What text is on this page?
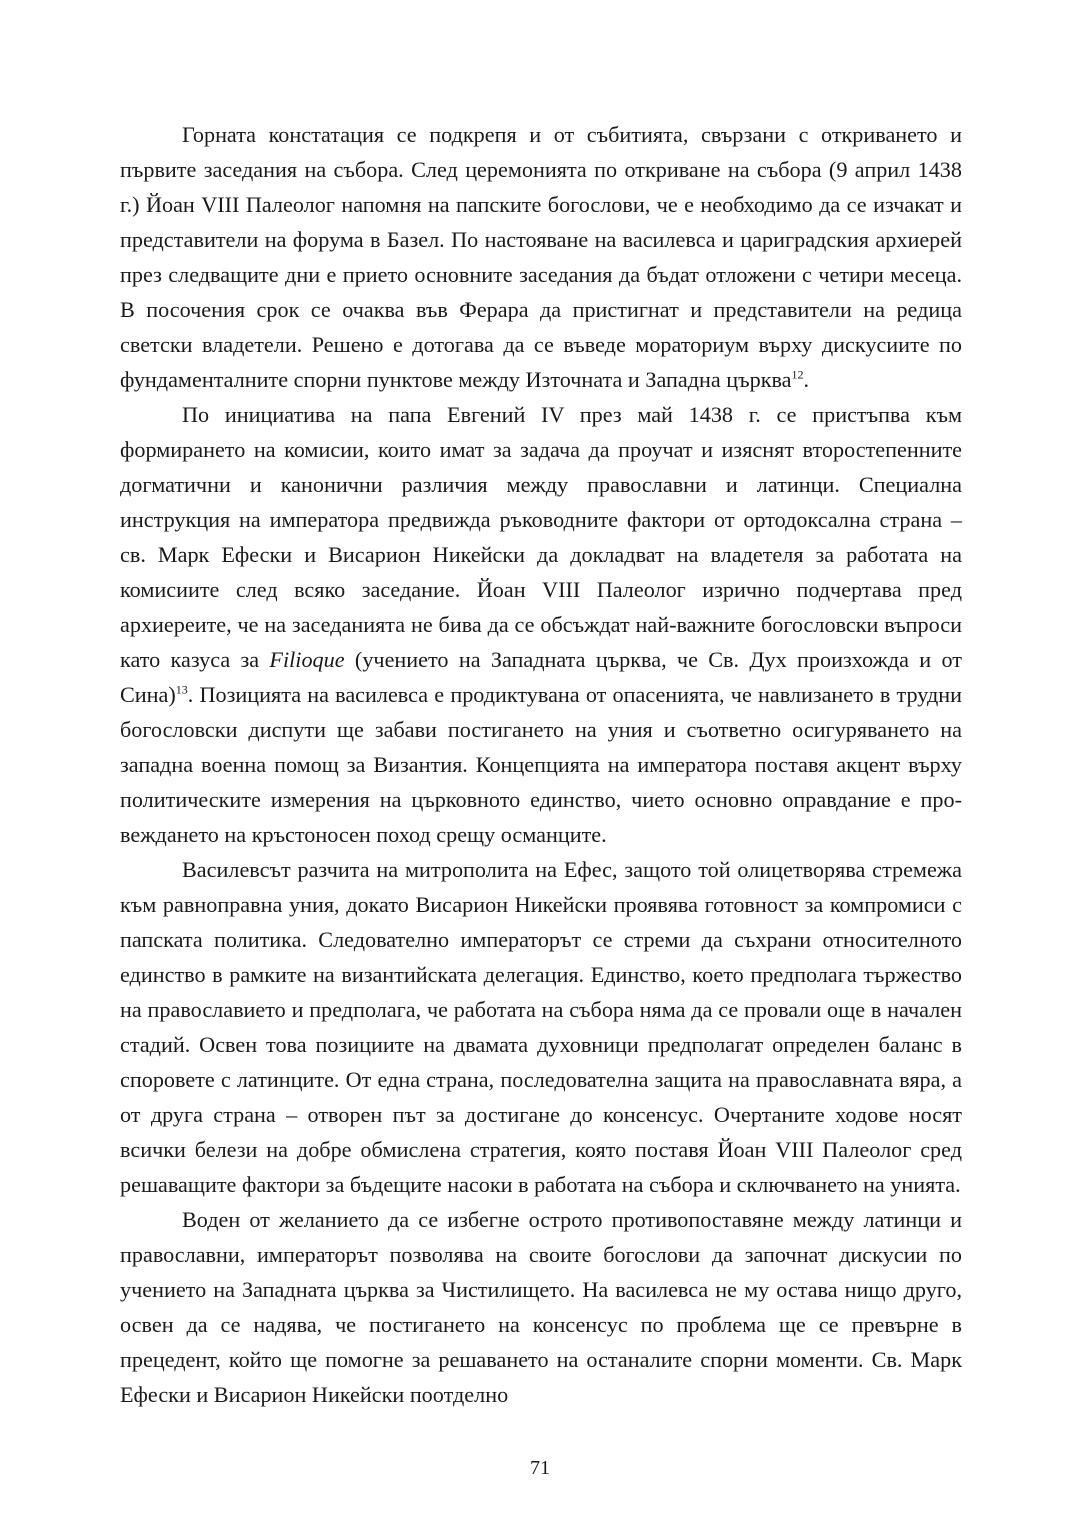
Горната констатация се подкрепя и от събитията, свързани с откриването и първите заседания на събора. След церемонията по откриване на събора (9 април 1438 г.) Йоан VIII Палеолог напомня на папските богослови, че е необходимо да се изчакат и представители на форума в Базел. По настояване на василевса и цариградския архиерей през следващите дни е прието основните заседания да бъдат отложени с четири месеца. В посочения срок се очаква във Ферара да пристигнат и представители на редица светски владетели. Решено е дотогава да се въведе мораториум върху дискусиите по фундаменталните спорни пунктове между Източната и Западна църква$^{12}$.

По инициатива на папа Евгений IV през май 1438 г. се пристъпва към формирането на комисии, които имат за задача да проучат и изяснят второстепенните догматични и канонични различия между православни и латинци. Специална инструкция на императора предвижда ръководните фактори от ортодоксална страна – св. Марк Ефески и Висарион Никейски да докладват на владетеля за работата на комисиите след всяко заседание. Йоан VIII Палеолог изрично подчертава пред архиереите, че на заседанията не бива да се обсъждат най-важните богословски въпроси като казуса за Filioque (учението на Западната църква, че Св. Дух произхожда и от Сина)$^{13}$. Позицията на василевса е продиктувана от опасенията, че навлизането в трудни богословски диспути ще забави постигането на уния и съответно осигуряването на западна военна помощ за Византия. Концепцията на императора поставя акцент върху политическите измерения на църковното единство, чието основно оправдание е провеждането на кръстоносен поход срещу османците.

Василевсът разчита на митрополита на Ефес, защото той олицетворява стремежа към равноправна уния, докато Висарион Никейски проявява готовност за компромиси с папската политика. Следователно императорът се стреми да съхрани относителното единство в рамките на византийската делегация. Единство, което предполага тържество на православието и предполага, че работата на събора няма да се провали още в начален стадий. Освен това позициите на двамата духовници предполагат определен баланс в споровете с латинците. От една страна, последователна защита на православната вяра, а от друга страна – отворен път за достигане до консенсус. Очертаните ходове носят всички белези на добре обмислена стратегия, която поставя Йоан VIII Палеолог сред решаващите фактори за бъдещите насоки в работата на събора и сключването на унията.

Воден от желанието да се избегне острото противопоставяне между латинци и православни, императорът позволява на своите богослови да започнат дискусии по учението на Западната църква за Чистилището. На василевса не му остава нищо друго, освен да се надява, че постигането на консенсус по проблема ще се превърне в прецедент, който ще помогне за решаването на останалите спорни моменти. Св. Марк Ефески и Висарион Никейски поотделно

71
